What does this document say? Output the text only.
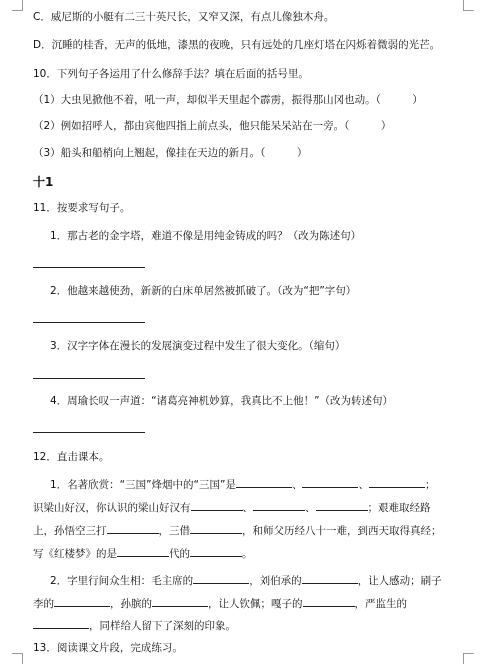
C．威尼斯的小艇有二三十英尺长，又窄又深，有点儿像独木舟。
D．沉睡的桂香，无声的低地，漆黑的夜晚，只有远处的几座灯塔在闪烁着微弱的光芒。
10．下列句子各运用了什么修辞手法？填在后面的括号里。
（1）大虫见掀他不着，吼一声，却似半天里起个霹雳，振得那山冈也动。（　　　）
（2）例如招呼人，都由宾他四指上前点头，他只能呆呆站在一旁。（　　　）
（3）船头和船梢向上翘起，像挂在天边的新月。（　　　）
十1
11．按要求写句子。
1．那古老的金字塔，难道不像是用纯金铸成的吗？（改为陈述句）
2．他越来越使劲，新新的白床单居然被抓破了。（改为“把”字句）
3．汉字字体在漫长的发展演变过程中发生了很大变化。（缩句）
4．周瑜长叹一声道：“诸葛亮神机妙算，我真比不上他！”（改为转述句）
12．直击课本。
1．名著欣赏：“三国”烽烟中的“三国”是	、	、	；
识梁山好汉，你认识的梁山好汉有	、	、	；艰难取经路
上，孙悟空三打	，三借	，和师父历经八十一难，到西天取得真经；
写《红楼梦》的是	代的	。
2．字里行间众生相：毛主席的	，刘伯承的	，让人感动；刷子
李的	，孙膑的	，让人钦佩；嘎子的	，严监生的
，同样给人留下了深刻的印象。
13．阅读课文片段，完成练习。
